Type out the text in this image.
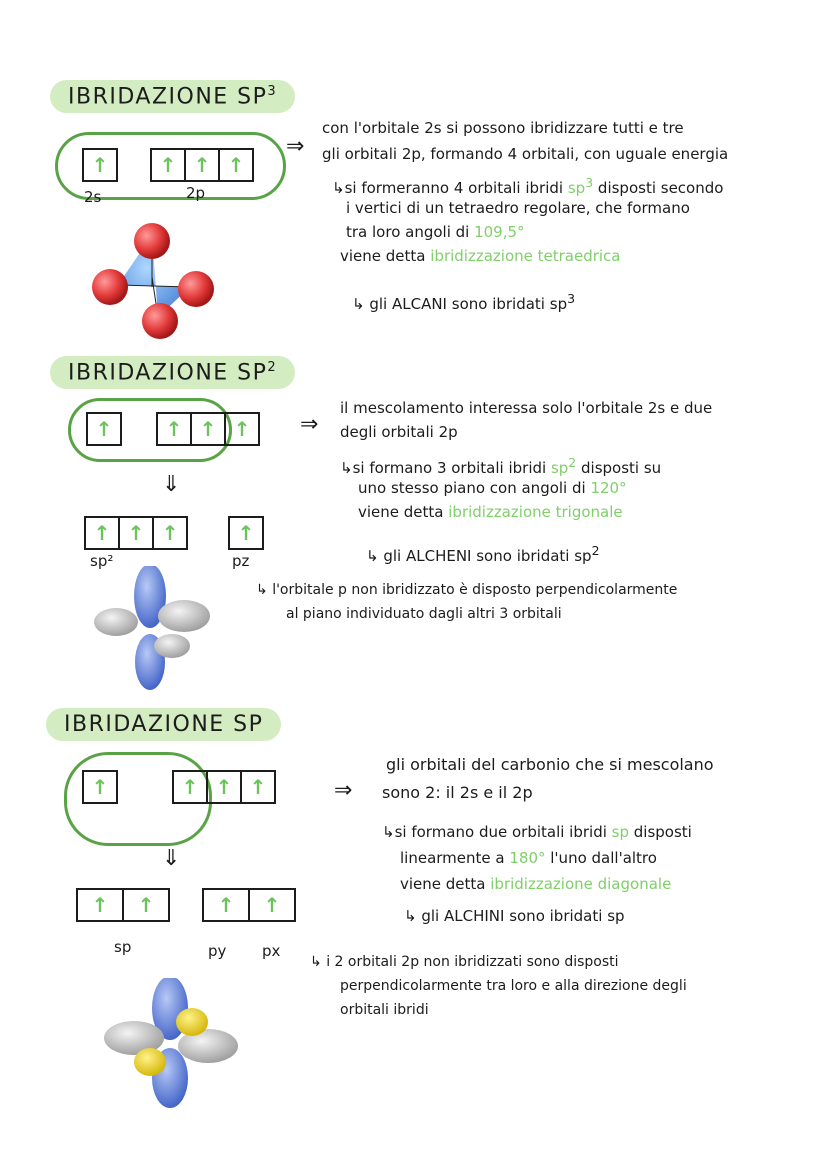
IBRIDAZIONE $SP^3$
↑	↑ ↑ ↑
2s	2p
⇒
con l'orbitale 2s si possono ibridizzare tutti e tre
gli orbitali 2p, formando 4 orbitali, con uguale energia
↳si formeranno 4 orbitali ibridi $sp^3$ disposti secondo
i vertici di un tetraedro regolare, che formano
tra loro angoli di 109,5°
viene detta ibridizzazione tetraedrica
↳ gli ALCANI sono ibridati $sp^3$
IBRIDAZIONE $SP^2$
↑	↑ ↑ ↑
⇓
↑ ↑ ↑	↑
sp²	pz
⇒
il mescolamento interessa solo l'orbitale 2s e due
degli orbitali 2p
↳si formano 3 orbitali ibridi $sp^2$ disposti su
uno stesso piano con angoli di 120°
viene detta ibridizzazione trigonale
↳ gli ALCHENI sono ibridati $sp^2$
↳ l'orbitale p non ibridizzato è disposto perpendicolarmente
al piano individuato dagli altri 3 orbitali
IBRIDAZIONE SP
↑	↑ ↑ ↑
⇓
↑	↑	↑	↑
sp	py px
⇒
gli orbitali del carbonio che si mescolano
sono 2: il 2s e il 2p
↳si formano due orbitali ibridi sp disposti
linearmente a 180° l'uno dall'altro
viene detta ibridizzazione diagonale
↳ gli ALCHINI sono ibridati sp
↳ i 2 orbitali 2p non ibridizzati sono disposti
perpendicolarmente tra loro e alla direzione degli
orbitali ibridi
